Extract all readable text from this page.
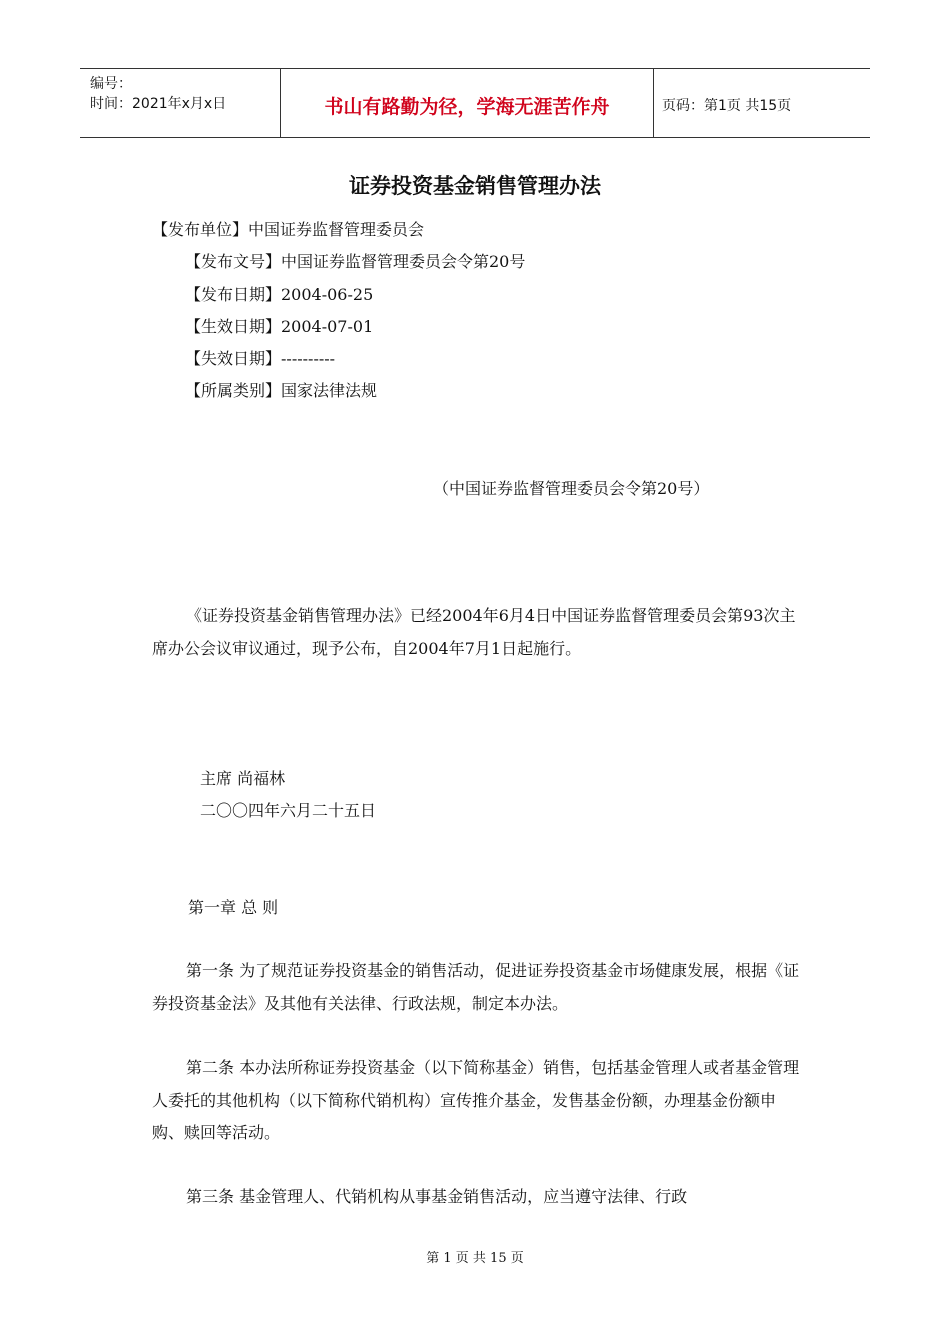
编号：
时间：2021年x月x日	书山有路勤为径，学海无涯苦作舟	页码：第1页 共15页
证券投资基金销售管理办法
【发布单位】中国证券监督管理委员会
【发布文号】中国证券监督管理委员会令第20号
【发布日期】2004-06-25
【生效日期】2004-07-01
【失效日期】----------
【所属类别】国家法律法规
（中国证券监督管理委员会令第20号）
《证券投资基金销售管理办法》已经2004年6月4日中国证券监督管理委员会第93次主席办公会议审议通过，现予公布，自2004年7月1日起施行。
主席 尚福林
二〇〇四年六月二十五日
第一章 总 则
第一条 为了规范证券投资基金的销售活动，促进证券投资基金市场健康发展，根据《证券投资基金法》及其他有关法律、行政法规，制定本办法。
第二条 本办法所称证券投资基金（以下简称基金）销售，包括基金管理人或者基金管理人委托的其他机构（以下简称代销机构）宣传推介基金，发售基金份额，办理基金份额申购、赎回等活动。
第三条 基金管理人、代销机构从事基金销售活动，应当遵守法律、行政
第 1 页 共 15 页
